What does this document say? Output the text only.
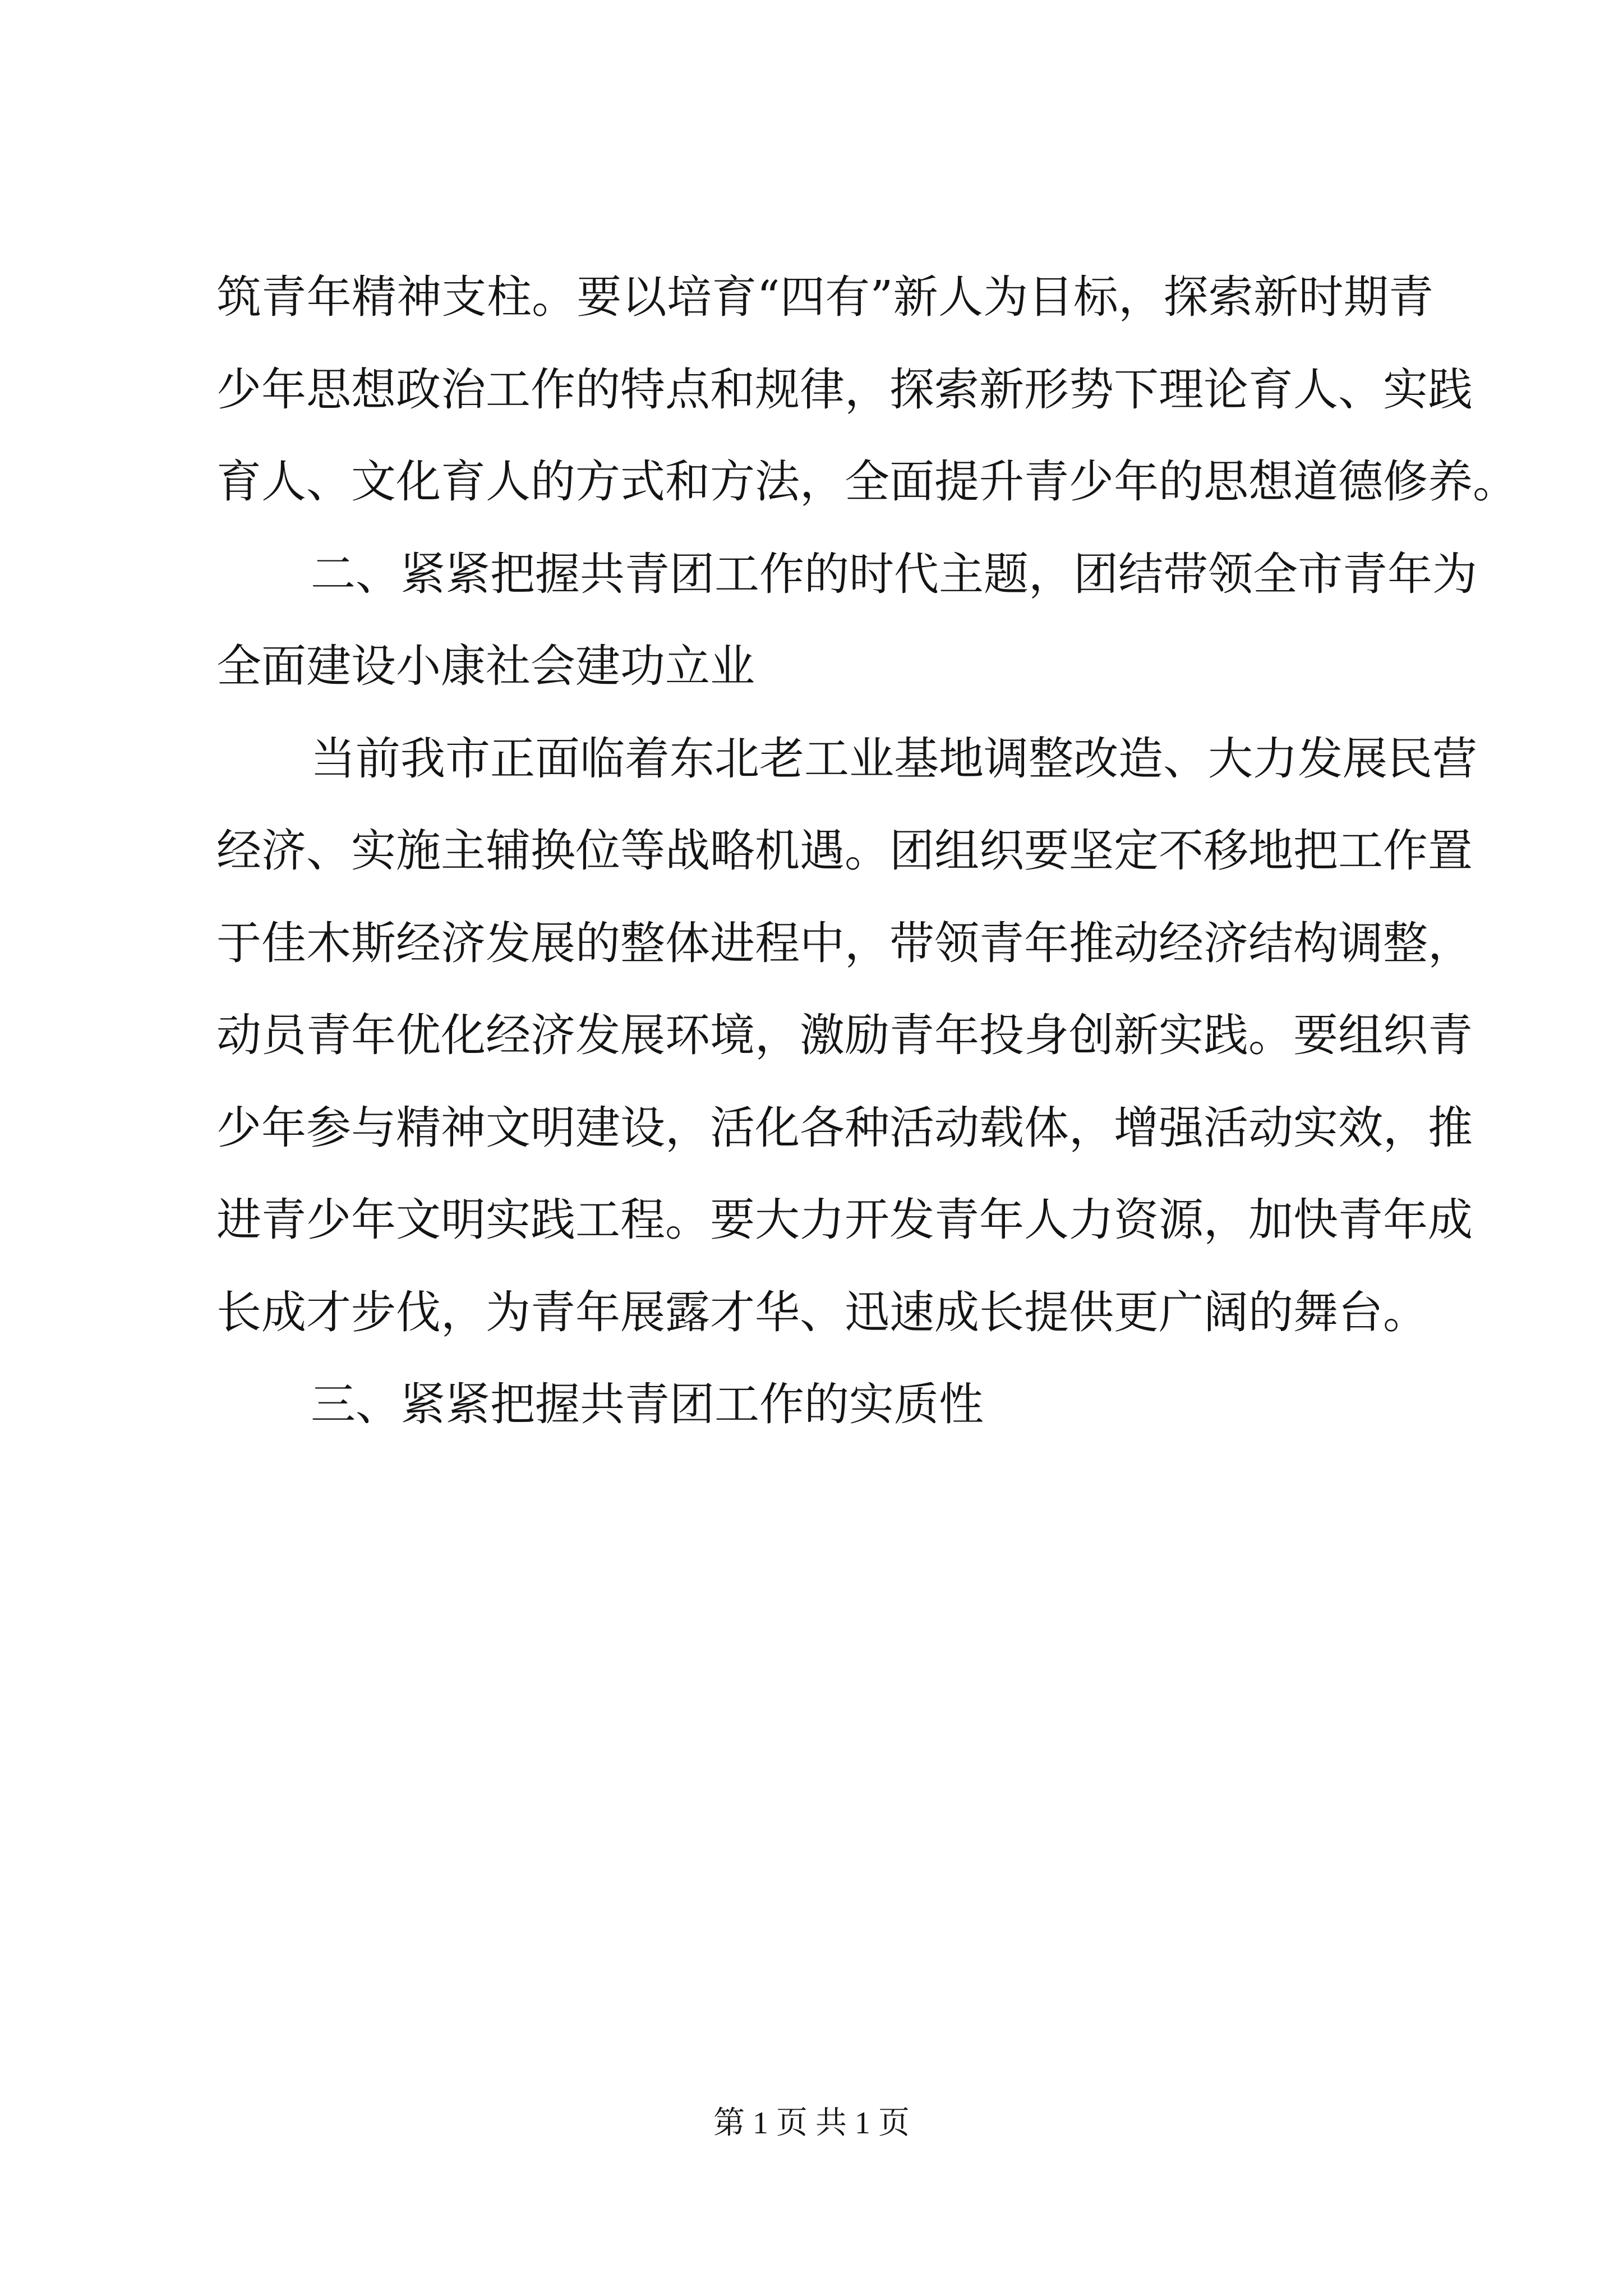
筑青年精神支柱。要以培育“四有”新人为目标，探索新时期青
少年思想政治工作的特点和规律，探索新形势下理论育人、实践
育人、文化育人的方式和方法，全面提升青少年的思想道德修养。
二、紧紧把握共青团工作的时代主题，团结带领全市青年为
全面建设小康社会建功立业
当前我市正面临着东北老工业基地调整改造、大力发展民营
经济、实施主辅换位等战略机遇。团组织要坚定不移地把工作置
于佳木斯经济发展的整体进程中，带领青年推动经济结构调整，
动员青年优化经济发展环境，激励青年投身创新实践。要组织青
少年参与精神文明建设，活化各种活动载体，增强活动实效，推
进青少年文明实践工程。要大力开发青年人力资源，加快青年成
长成才步伐，为青年展露才华、迅速成长提供更广阔的舞台。
三、紧紧把握共青团工作的实质性
第 1 页 共 1 页
